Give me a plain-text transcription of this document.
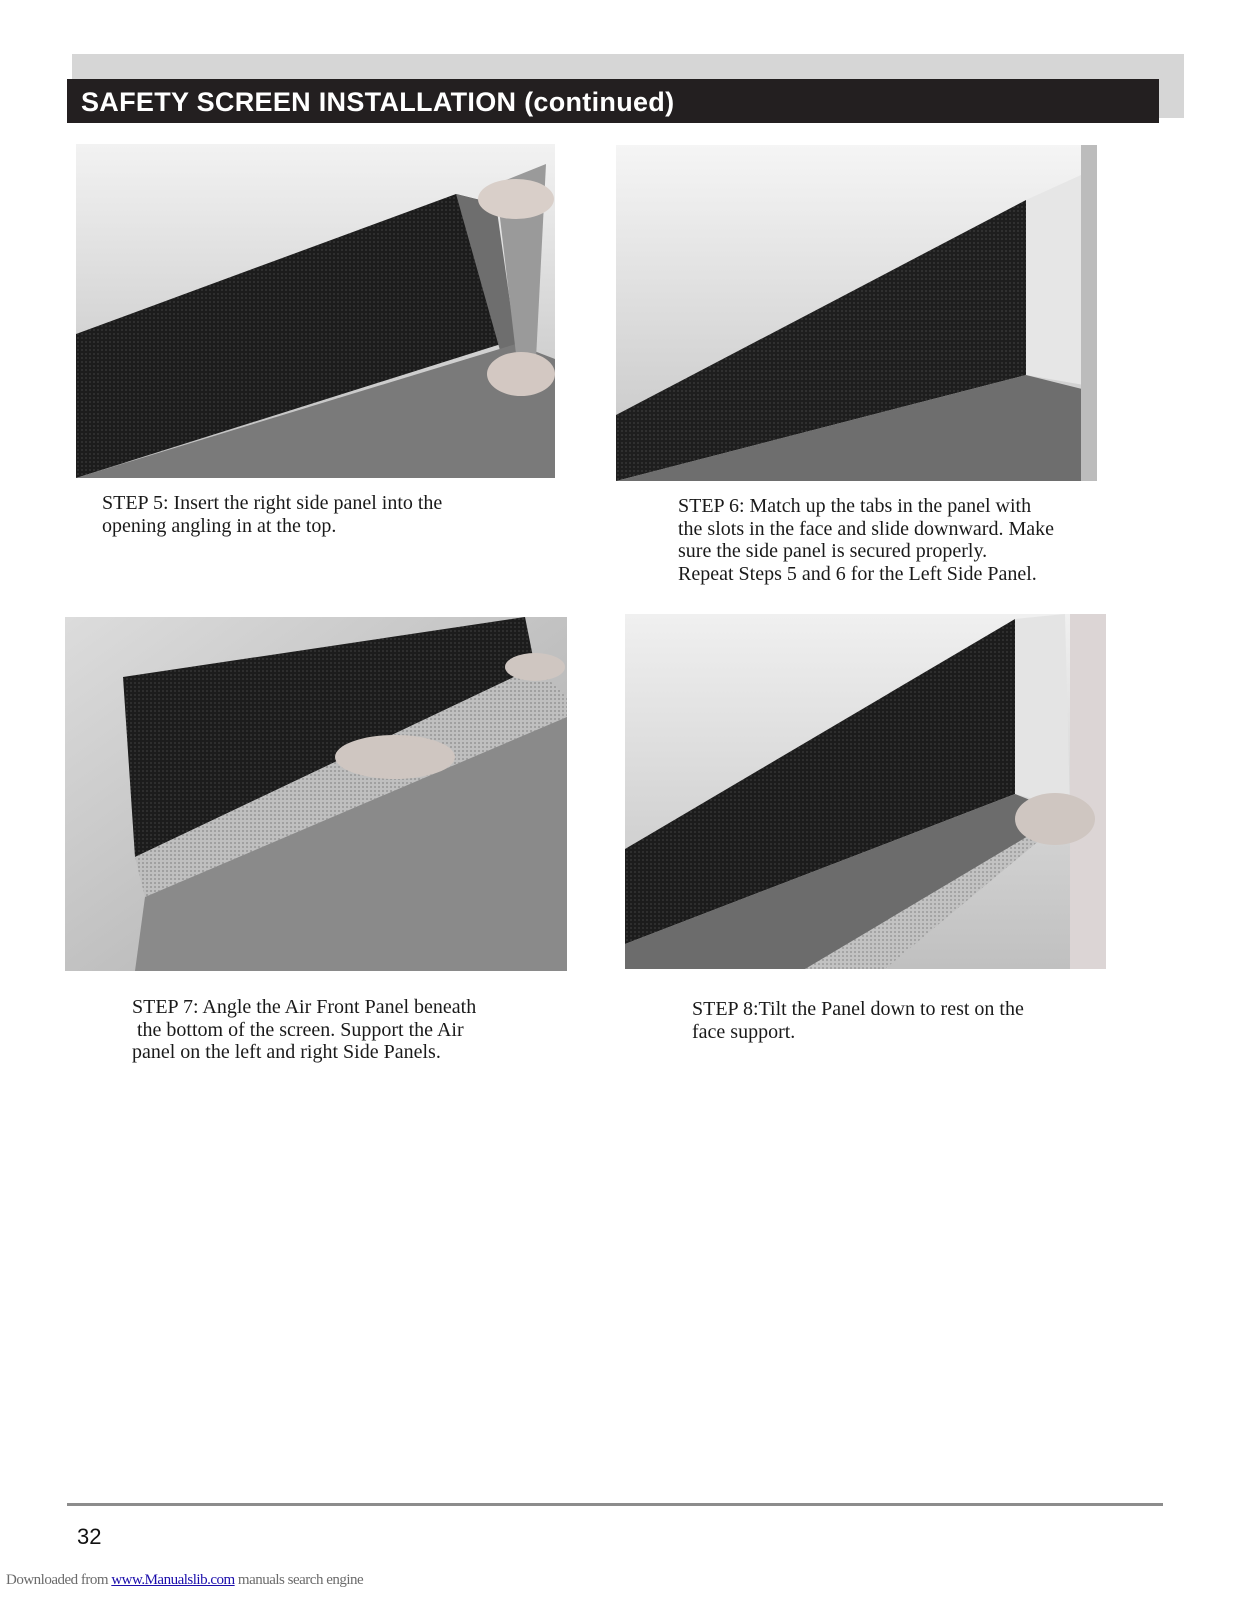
SAFETY SCREEN INSTALLATION (continued)
STEP 5: Insert the right side panel into the
opening angling in at the top.
STEP 6: Match up the tabs in the panel with
the slots in the face and slide downward. Make
sure the side panel is secured properly.
Repeat Steps 5 and 6 for the Left Side Panel.
STEP 7: Angle the Air Front Panel beneath
the bottom of the screen. Support the Air
panel on the left and right Side Panels.
STEP 8:Tilt the Panel down to rest on the
face support.
32
Downloaded from www.Manualslib.com manuals search engine
